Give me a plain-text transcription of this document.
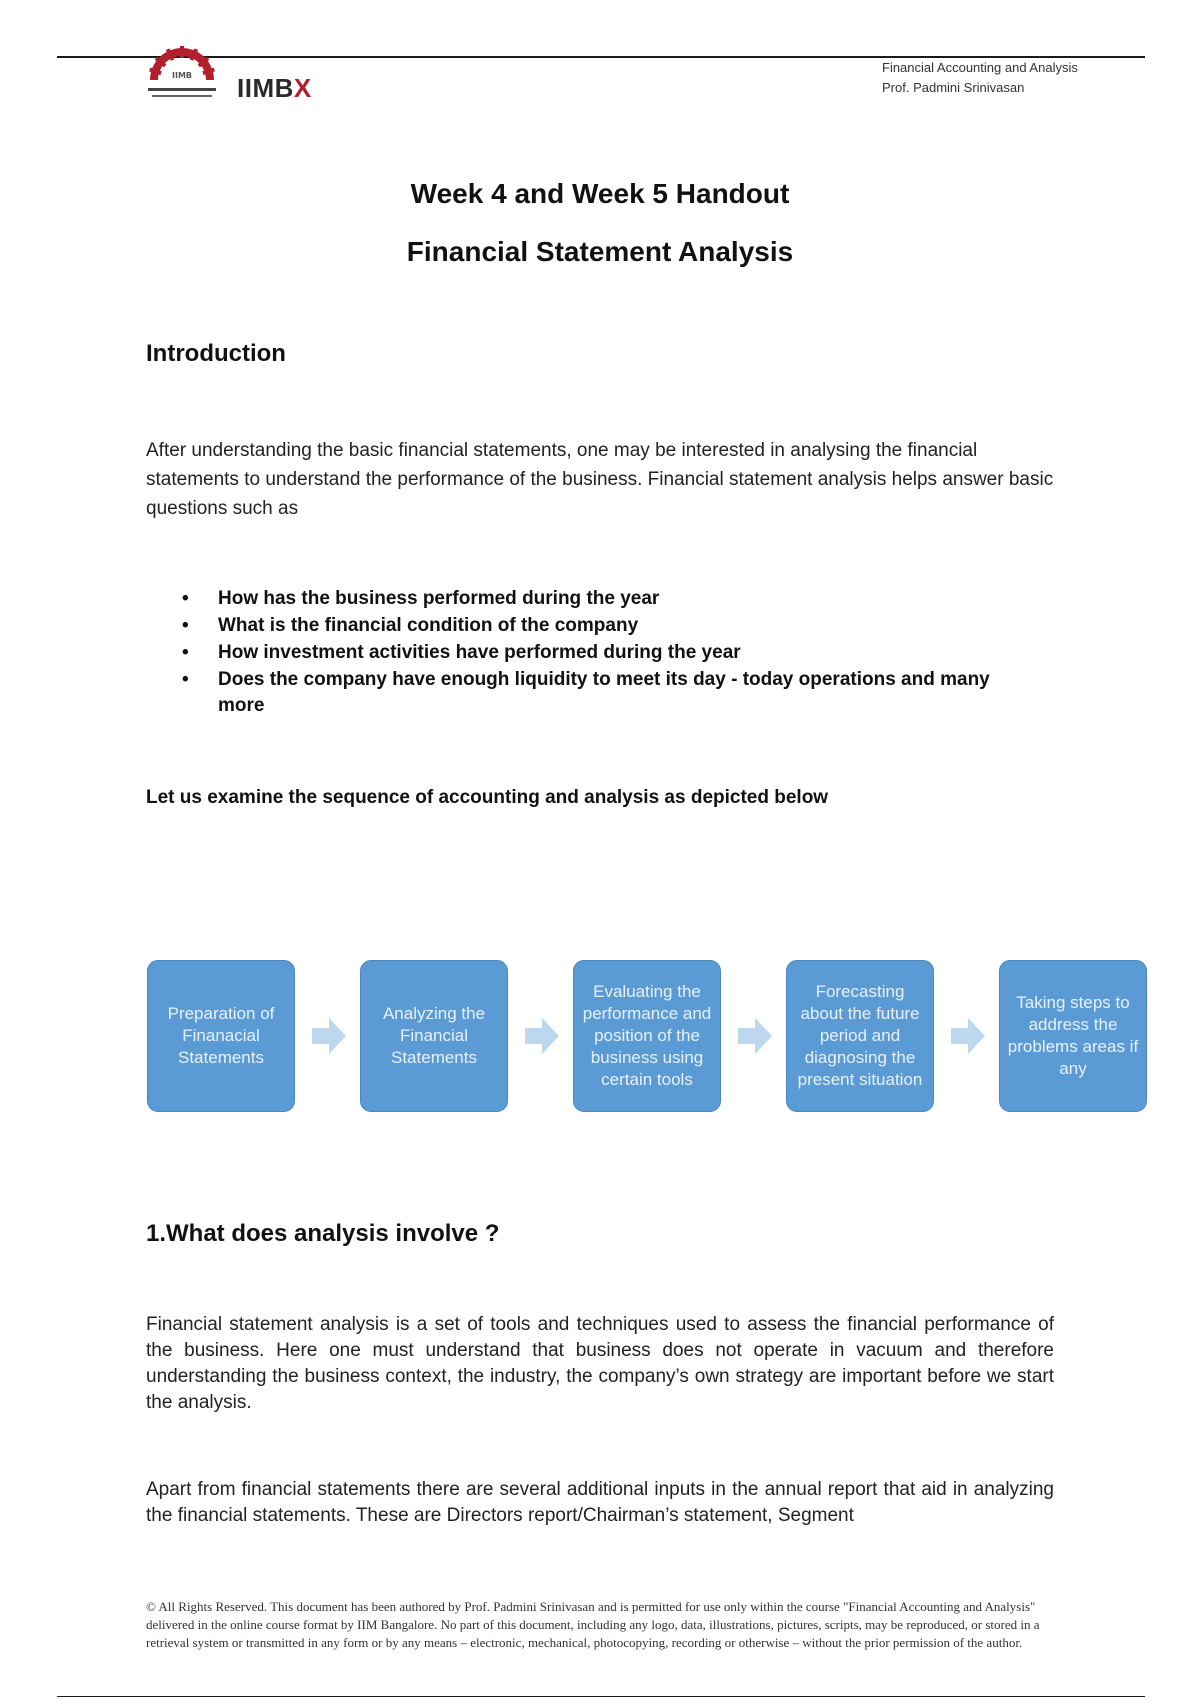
IIMB IIMBX
Financial Accounting and Analysis
Prof. Padmini Srinivasan
Week 4 and Week 5 Handout
Financial Statement Analysis
Introduction
After understanding the basic financial statements, one may be interested in analysing the financial statements to understand the performance of the business. Financial statement analysis helps answer basic questions such as
• How has the business performed during the year
• What is the financial condition of the company
• How investment activities have performed during the year
• Does the company have enough liquidity to meet its day - today operations and many more
Let us examine the sequence of accounting and analysis as depicted below
Preparation of Finanacial Statements
Analyzing the Financial Statements
Evaluating the performance and position of the business using certain tools
Forecasting about the future period and diagnosing the present situation
Taking steps to address the problems areas if any
1.What does analysis involve ?
Financial statement analysis is a set of tools and techniques used to assess the financial performance of the business. Here one must understand that business does not operate in vacuum and therefore understanding the business context, the industry, the company’s own strategy are important before we start the analysis.
Apart from financial statements there are several additional inputs in the annual report that aid in analyzing the financial statements. These are Directors report/Chairman’s statement, Segment
© All Rights Reserved. This document has been authored by Prof. Padmini Srinivasan and is permitted for use only within the course "Financial Accounting and Analysis" delivered in the online course format by IIM Bangalore. No part of this document, including any logo, data, illustrations, pictures, scripts, may be reproduced, or stored in a retrieval system or transmitted in any form or by any means – electronic, mechanical, photocopying, recording or otherwise – without the prior permission of the author.
